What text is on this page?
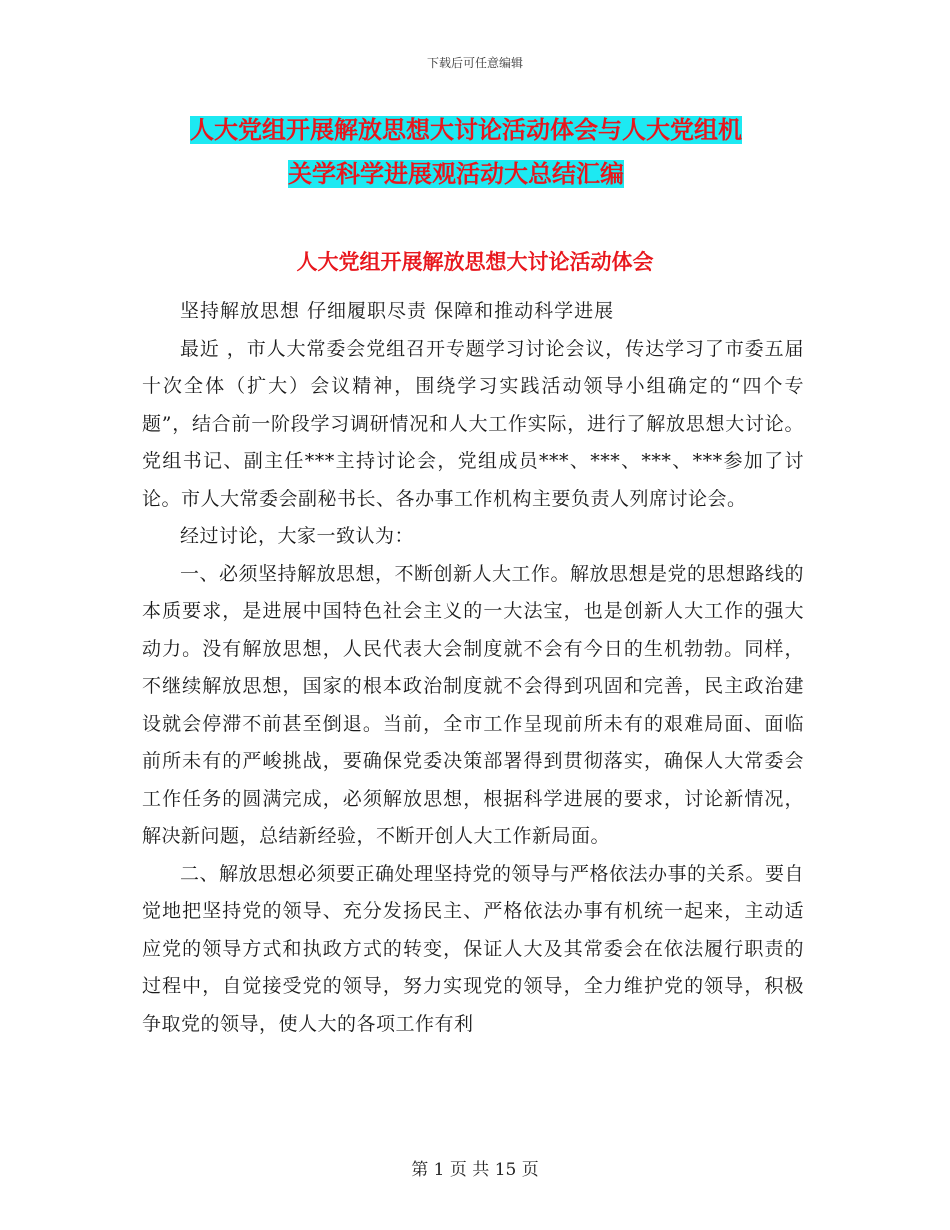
下载后可任意编辑
人大党组开展解放思想大讨论活动体会与人大党组机
关学科学进展观活动大总结汇编
人大党组开展解放思想大讨论活动体会

坚持解放思想 仔细履职尽责 保障和推动科学进展

最近 ，市人大常委会党组召开专题学习讨论会议，传达学习了市委五届十次全体（扩大）会议精神，围绕学习实践活动领导小组确定的“四个专题”，结合前一阶段学习调研情况和人大工作实际，进行了解放思想大讨论。党组书记、副主任***主持讨论会，党组成员***、***、***、***参加了讨论。市人大常委会副秘书长、各办事工作机构主要负责人列席讨论会。

经过讨论，大家一致认为：

一、必须坚持解放思想，不断创新人大工作。解放思想是党的思想路线的本质要求，是进展中国特色社会主义的一大法宝，也是创新人大工作的强大动力。没有解放思想，人民代表大会制度就不会有今日的生机勃勃。同样，不继续解放思想，国家的根本政治制度就不会得到巩固和完善，民主政治建设就会停滞不前甚至倒退。当前，全市工作呈现前所未有的艰难局面、面临前所未有的严峻挑战，要确保党委决策部署得到贯彻落实，确保人大常委会工作任务的圆满完成，必须解放思想，根据科学进展的要求，讨论新情况，解决新问题，总结新经验，不断开创人大工作新局面。

二、解放思想必须要正确处理坚持党的领导与严格依法办事的关系。要自觉地把坚持党的领导、充分发扬民主、严格依法办事有机统一起来，主动适应党的领导方式和执政方式的转变，保证人大及其常委会在依法履行职责的过程中，自觉接受党的领导，努力实现党的领导，全力维护党的领导，积极争取党的领导，使人大的各项工作有利

第 1 页 共 15 页
